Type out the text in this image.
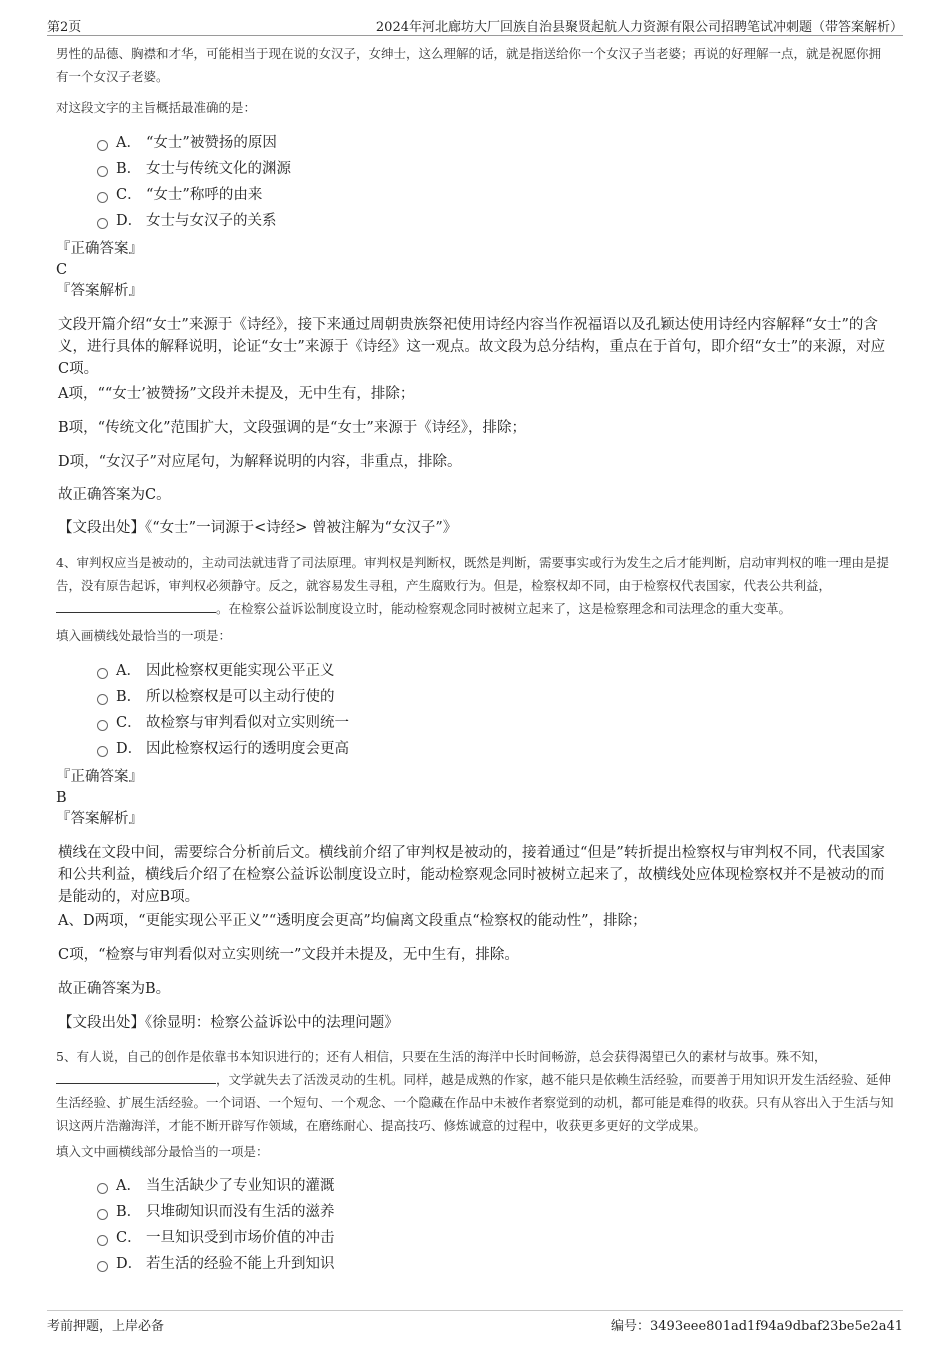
第2页	2024年河北廊坊大厂回族自治县聚贤起航人力资源有限公司招聘笔试冲刺题（带答案解析）
男性的品德、胸襟和才华，可能相当于现在说的女汉子，女绅士，这么理解的话，就是指送给你一个女汉子当老婆；再说的好理解一点，就是祝愿你拥有一个女汉子老婆。
对这段文字的主旨概括最准确的是：
A． “女士”被赞扬的原因
B． 女士与传统文化的渊源
C． “女士”称呼的由来
D． 女士与女汉子的关系
『正确答案』
C
『答案解析』
文段开篇介绍“女士”来源于《诗经》，接下来通过周朝贵族祭祀使用诗经内容当作祝福语以及孔颖达使用诗经内容解释“女士”的含义，进行具体的解释说明，论证“女士”来源于《诗经》这一观点。故文段为总分结构，重点在于首句，即介绍“女士”的来源，对应C项。
A项，““女士’被赞扬”文段并未提及，无中生有，排除；
B项，“传统文化”范围扩大，文段强调的是“女士”来源于《诗经》，排除；
D项，“女汉子”对应尾句，为解释说明的内容，非重点，排除。
故正确答案为C。
【文段出处】《“女士”一词源于<诗经> 曾被注解为“女汉子”》
4、审判权应当是被动的，主动司法就违背了司法原理。审判权是判断权，既然是判断，需要事实或行为发生之后才能判断，启动审判权的唯一理由是提告，没有原告起诉，审判权必须静守。反之，就容易发生寻租，产生腐败行为。但是，检察权却不同，由于检察权代表国家，代表公共利益，。在检察公益诉讼制度设立时，能动检察观念同时被树立起来了，这是检察理念和司法理念的重大变革。
填入画横线处最恰当的一项是：
A． 因此检察权更能实现公平正义
B． 所以检察权是可以主动行使的
C． 故检察与审判看似对立实则统一
D． 因此检察权运行的透明度会更高
『正确答案』
B
『答案解析』
横线在文段中间，需要综合分析前后文。横线前介绍了审判权是被动的，接着通过“但是”转折提出检察权与审判权不同，代表国家和公共利益，横线后介绍了在检察公益诉讼制度设立时，能动检察观念同时被树立起来了，故横线处应体现检察权并不是被动的而是能动的，对应B项。
A、D两项，“更能实现公平正义”“透明度会更高”均偏离文段重点“检察权的能动性”，排除；
C项，“检察与审判看似对立实则统一”文段并未提及，无中生有，排除。
故正确答案为B。
【文段出处】《徐显明：检察公益诉讼中的法理问题》
5、有人说，自己的创作是依靠书本知识进行的；还有人相信，只要在生活的海洋中长时间畅游，总会获得渴望已久的素材与故事。殊不知，，文学就失去了活泼灵动的生机。同样，越是成熟的作家，越不能只是依赖生活经验，而要善于用知识开发生活经验、延伸生活经验、扩展生活经验。一个词语、一个短句、一个观念、一个隐藏在作品中未被作者察觉到的动机，都可能是难得的收获。只有从容出入于生活与知识这两片浩瀚海洋，才能不断开辟写作领域，在磨练耐心、提高技巧、修炼诚意的过程中，收获更多更好的文学成果。
填入文中画横线部分最恰当的一项是：
A． 当生活缺少了专业知识的灌溉
B． 只堆砌知识而没有生活的滋养
C． 一旦知识受到市场价值的冲击
D． 若生活的经验不能上升到知识
考前押题，上岸必备	编号：3493eee801ad1f94a9dbaf23be5e2a41
